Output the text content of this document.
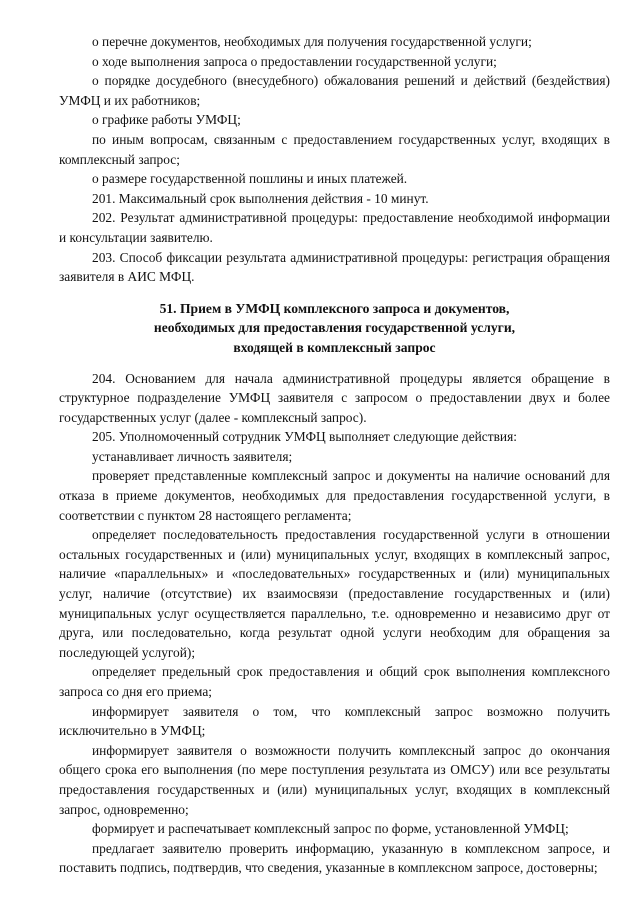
о перечне документов, необходимых для получения государственной услуги;

о ходе выполнения запроса о предоставлении государственной услуги;

о порядке досудебного (внесудебного) обжалования решений и действий (бездействия) УМФЦ и их работников;

о графике работы УМФЦ;

по иным вопросам, связанным с предоставлением государственных услуг, входящих в комплексный запрос;

о размере государственной пошлины и иных платежей.

201. Максимальный срок выполнения действия - 10 минут.

202. Результат административной процедуры: предоставление необходимой информации и консультации заявителю.

203. Способ фиксации результата административной процедуры: регистрация обращения заявителя в АИС МФЦ.

51. Прием в УМФЦ комплексного запроса и документов,
необходимых для предоставления государственной услуги,
входящей в комплексный запрос

204. Основанием для начала административной процедуры является обращение в структурное подразделение УМФЦ заявителя с запросом о предоставлении двух и более государственных услуг (далее - комплексный запрос).

205. Уполномоченный сотрудник УМФЦ выполняет следующие действия:

устанавливает личность заявителя;

проверяет представленные комплексный запрос и документы на наличие оснований для отказа в приеме документов, необходимых для предоставления государственной услуги, в соответствии с пунктом 28 настоящего регламента;

определяет последовательность предоставления государственной услуги в отношении остальных государственных и (или) муниципальных услуг, входящих в комплексный запрос, наличие «параллельных» и «последовательных» государственных и (или) муниципальных услуг, наличие (отсутствие) их взаимосвязи (предоставление государственных и (или) муниципальных услуг осуществляется параллельно, т.е. одновременно и независимо друг от друга, или последовательно, когда результат одной услуги необходим для обращения за последующей услугой);

определяет предельный срок предоставления и общий срок выполнения комплексного запроса со дня его приема;

информирует заявителя о том, что комплексный запрос возможно получить исключительно в УМФЦ;

информирует заявителя о возможности получить комплексный запрос до окончания общего срока его выполнения (по мере поступления результата из ОМСУ) или все результаты предоставления государственных и (или) муниципальных услуг, входящих в комплексный запрос, одновременно;

формирует и распечатывает комплексный запрос по форме, установленной УМФЦ;

предлагает заявителю проверить информацию, указанную в комплексном запросе, и поставить подпись, подтвердив, что сведения, указанные в комплексном запросе, достоверны;
